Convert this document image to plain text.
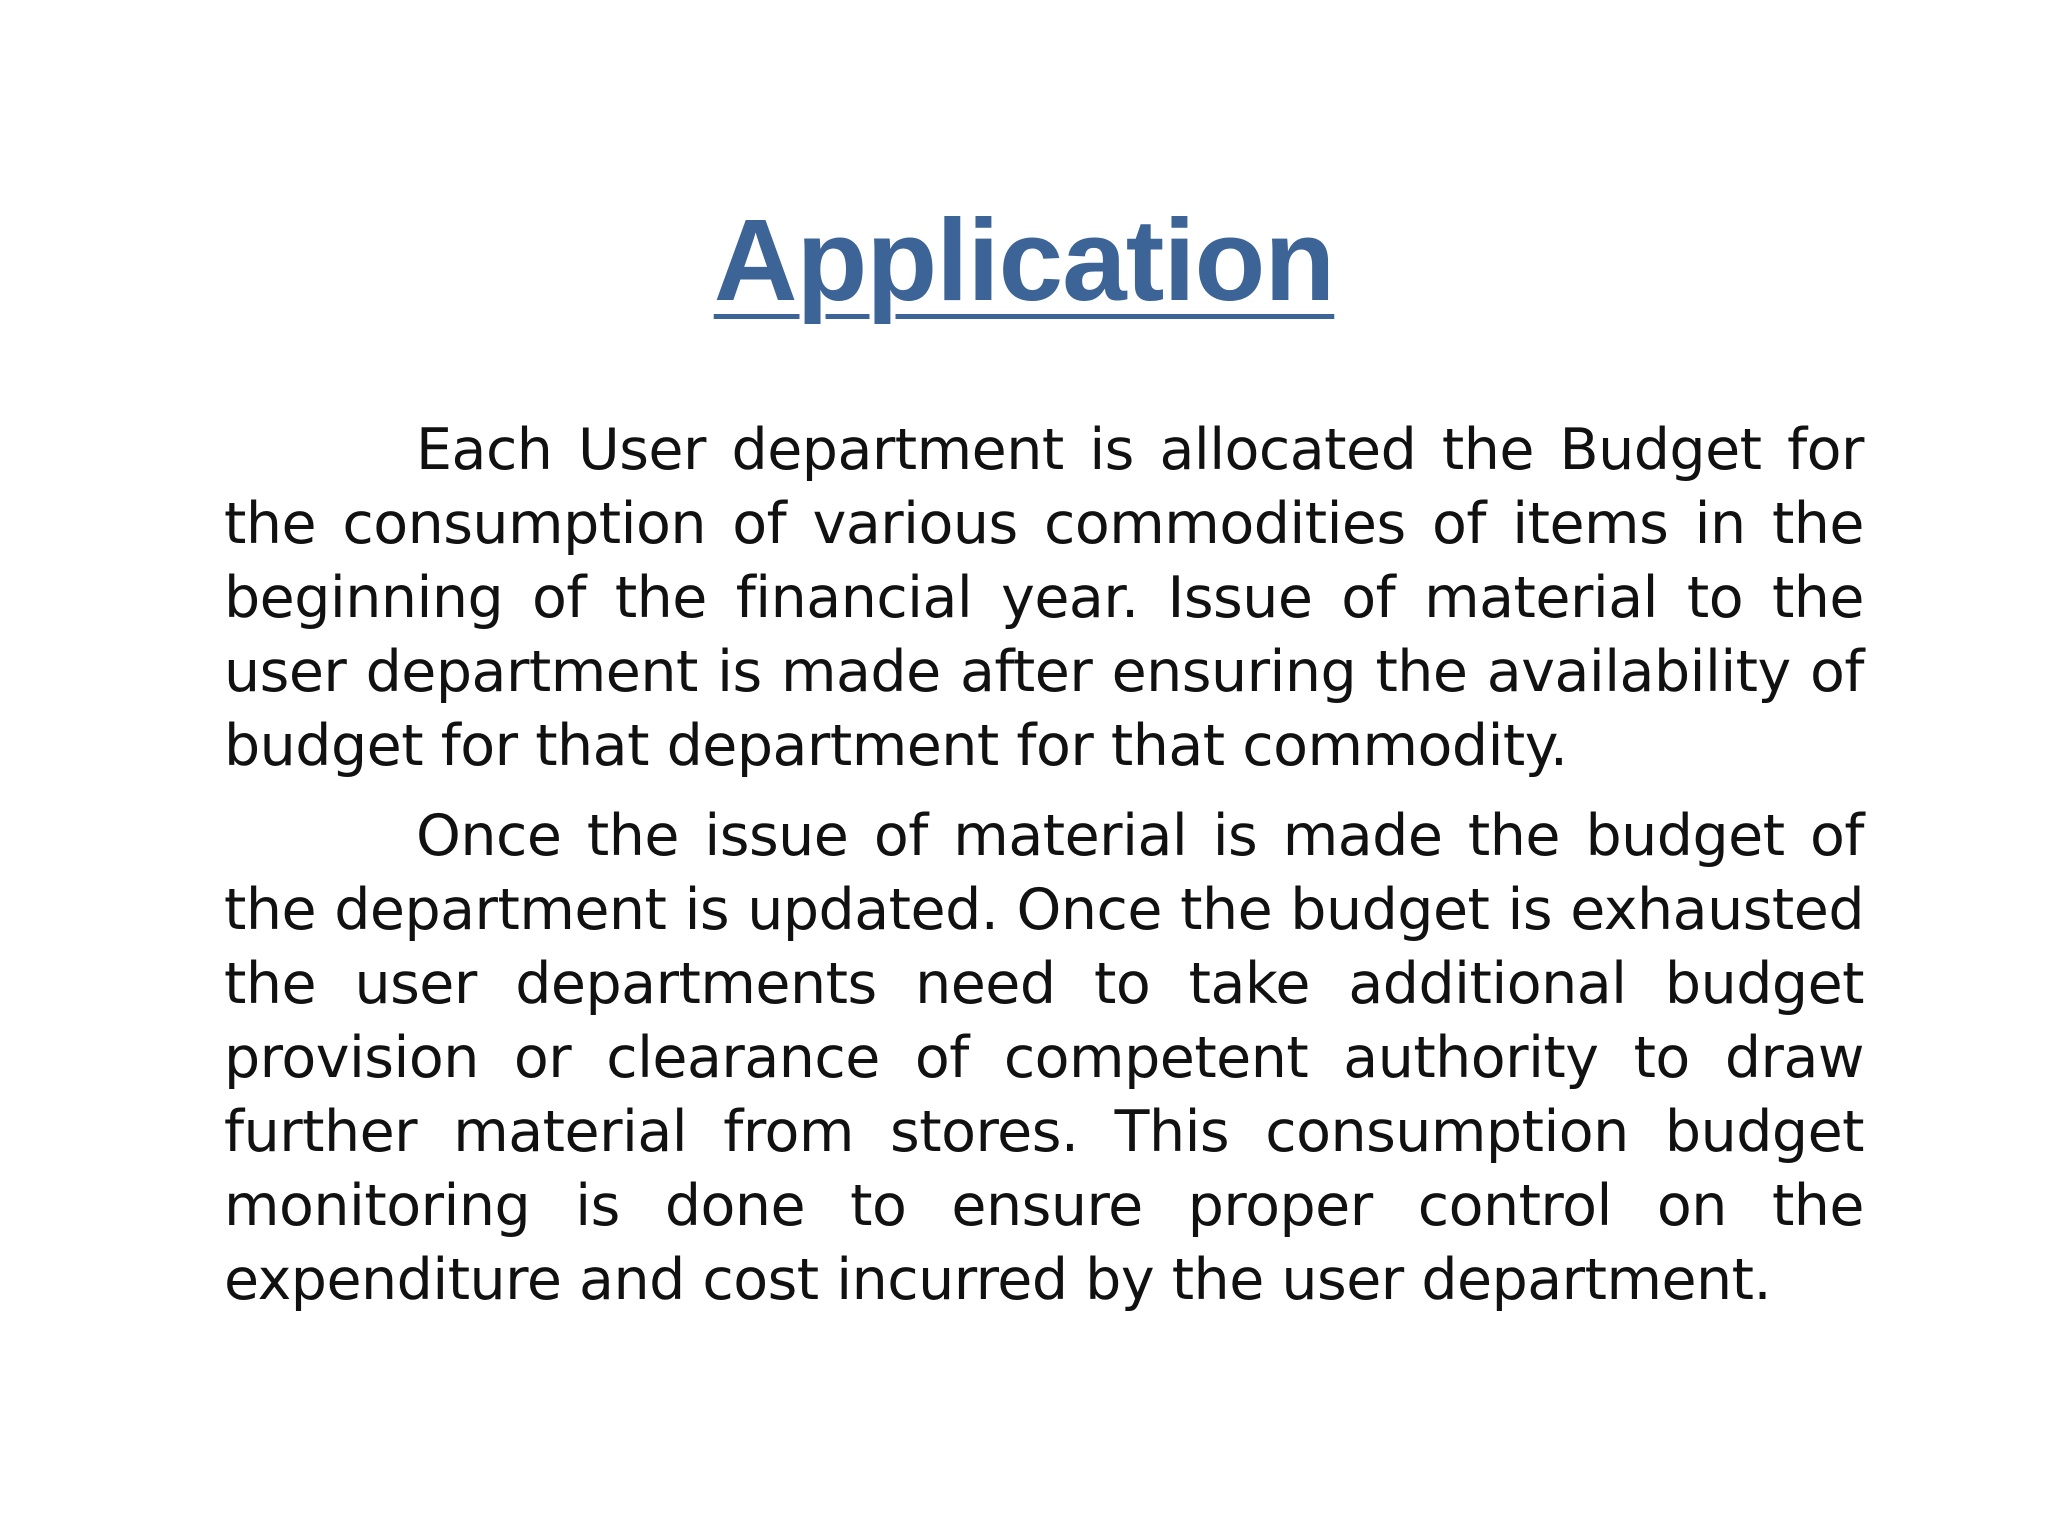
Application

Each User department is allocated the Budget for the consumption of various commodities of items in the beginning of the financial year. Issue of material to the user department is made after ensuring the availability of budget for that department for that commodity.

Once the issue of material is made the budget of the department is updated. Once the budget is exhausted the user departments need to take additional budget provision or clearance of competent authority to draw further material from stores. This consumption budget monitoring is done to ensure proper control on the expenditure and cost incurred by the user department.
